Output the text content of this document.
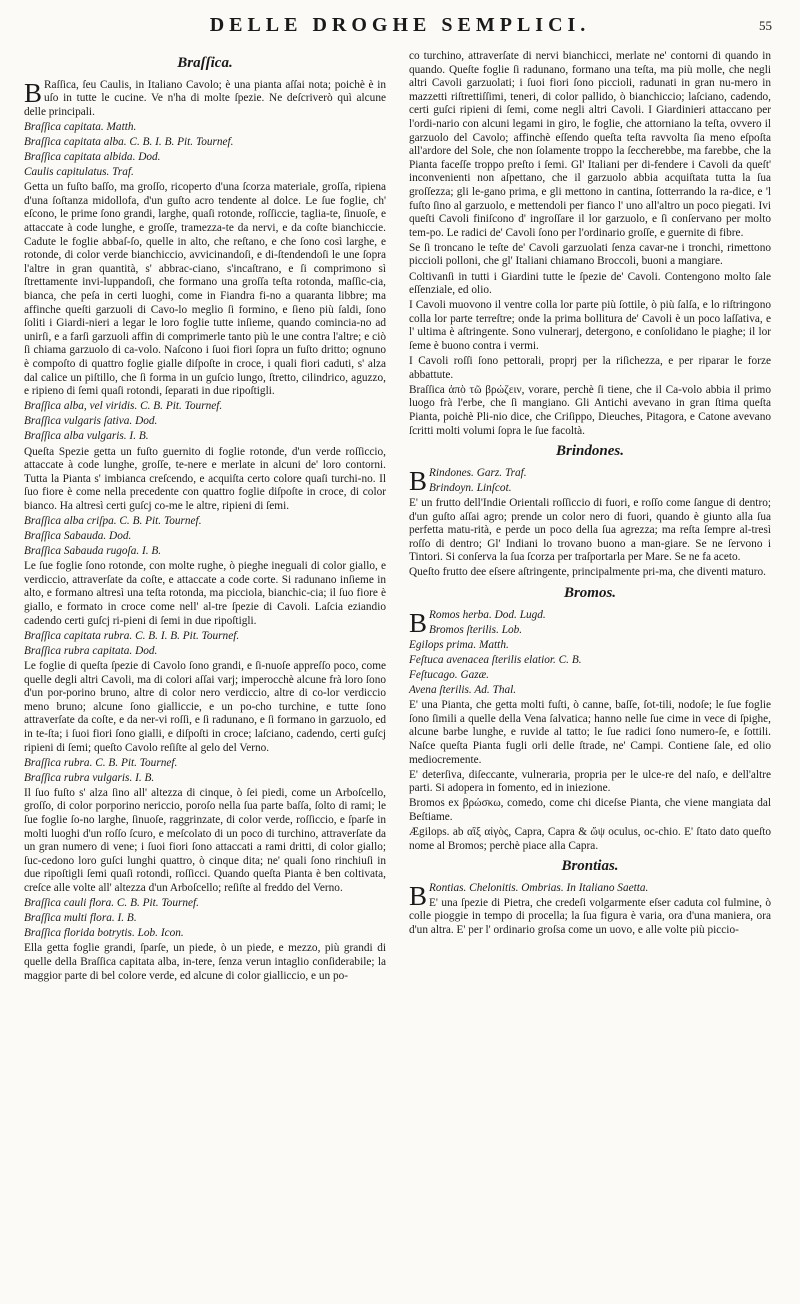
DELLE DROGHE SEMPLICI.	55
Braſſica.

B Raſſica, ſeu Caulis, in Italiano Cavolo; è una pianta aſſai nota; poichè è in uſo in tutte le cucine. Ve n'ha di molte ſpezie. Ne deſcriverò quì alcune delle principali.

Braſſica capitata. Matth.

Braſſica capitata alba. C. B. I. B. Pit. Tournef.

Braſſica capitata albida. Dod.

Caulis capitulatus. Traf.

Getta un fuſto baſſo, ma groſſo, ricoperto d'una ſcorza materiale, groſſa, ripiena d'una ſoſtanza midollofa, d'un guſto acro tendente al dolce. Le ſue foglie, ch' eſcono, le prime ſono grandi, larghe, quaſi rotonde, roſſiccie, taglia-te, ſinuoſe, e attaccate à code lunghe, e groſſe, tramezza-te da nervi, e da coſte bianchiccie. Cadute le foglie abbaſ-ſo, quelle in alto, che reſtano, e che ſono così larghe, e rotonde, di color verde bianchiccio, avvicinandoſi, e di-ſtendendoſi le une ſopra l'altre in gran quantità, s' abbrac-ciano, s'incaſtrano, e ſi comprimono sì ſtrettamente invi-luppandoſi, che formano una groſſa teſta rotonda, maſſic-cia, bianca, che peſa in certi luoghi, come in Fiandra fi-no a quaranta libbre; ma affinche queſti garzuoli di Cavo-lo meglio ſi formino, e ſieno più ſaldi, ſono ſoliti i Giardi-nieri a legar le loro foglie tutte inſieme, quando comincia-no ad unirſi, e a farſi garzuoli affin di comprimerle tanto più le une contra l'altre; e ciò ſi chiama garzuolo di ca-volo. Naſcono i ſuoi fiori ſopra un fuſto dritto; ognuno è compoſto di quattro foglie gialle diſpoſte in croce, i quali fiori caduti, s' alza dal calice un piſtillo, che ſi forma in un guſcio lungo, ſtretto, cilindrico, aguzzo, e ripieno di ſemi quaſi rotondi, ſeparati in due ripoſtigli.

Braſſica alba, vel viridis. C. B. Pit. Tournef.

Braſſica vulgaris ſativa. Dod.

Braſſica alba vulgaris. I. B.

Queſta Spezie getta un fuſto guernito di foglie rotonde, d'un verde roſſiccio, attaccate à code lunghe, groſſe, te-nere e merlate in alcuni de' loro contorni. Tutta la Pianta s' imbianca creſcendo, e acquiſta certo colore quaſi turchi-no. Il ſuo fiore è come nella precedente con quattro foglie diſpoſte in croce, di color bianco. Ha altresì certi guſcj co-me le altre, ripieni di ſemi.

Braſſica alba criſpa. C. B. Pit. Tournef.

Braſſica Sabauda. Dod.

Braſſica Sabauda rugoſa. I. B.

Le ſue foglie ſono rotonde, con molte rughe, ò pieghe ineguali di color giallo, e verdiccio, attraverſate da coſte, e attaccate a code corte. Si radunano inſieme in alto, e formano altresì una teſta rotonda, ma picciola, bianchic-cia; il ſuo fiore è giallo, e formato in croce come nell' al-tre ſpezie di Cavoli. Laſcia eziandio cadendo certi guſcj ri-pieni di ſemi in due ripoſtigli.

Braſſica capitata rubra. C. B. I. B. Pit. Tournef.

Braſſica rubra capitata. Dod.

Le foglie di queſta ſpezie di Cavolo ſono grandi, e ſi-nuoſe appreſſo poco, come quelle degli altri Cavoli, ma di colori aſſai varj; imperocchè alcune frà loro ſono d'un por-porino bruno, altre di color nero verdiccio, altre di co-lor verdiccio meno bruno; alcune ſono gialliccie, e un po-cho turchine, e tutte ſono attraverſate da coſte, e da ner-vi roſſi, e ſi radunano, e ſi formano in garzuolo, ed in te-ſta; i ſuoi fiori ſono gialli, e diſpoſti in croce; laſciano, cadendo, certi guſcj ripieni di ſemi; queſto Cavolo reſiſte al gelo del Verno.

Braſſica rubra. C. B. Pit. Tournef.

Braſſica rubra vulgaris. I. B.

Il ſuo fuſto s' alza ſino all' altezza di cinque, ò ſei piedi, come un Arboſcello, groſſo, di color porporino nericcio, poroſo nella ſua parte baſſa, ſolto di rami; le ſue foglie ſo-no larghe, ſinuoſe, raggrinzate, di color verde, roſſiccio, e ſparſe in molti luoghi d'un roſſo ſcuro, e meſcolato di un poco di turchino, attraverſate da un gran numero di vene; i ſuoi fiori ſono attaccati a rami dritti, di color giallo; ſuc-cedono loro guſci lunghi quattro, ò cinque dita; ne' quali ſono rinchiuſi in due ripoſtigli ſemi quaſi rotondi, roſſicci. Quando queſta Pianta è ben coltivata, creſce alle volte all' altezza d'un Arboſcello; reſiſte al freddo del Verno.

Braſſica cauli flora. C. B. Pit. Tournef.

Braſſica multi flora. I. B.

Braſſica florida botrytis. Lob. Icon.

Ella getta foglie grandi, ſparſe, un piede, ò un piede, e mezzo, più grandi di quelle della Braſſica capitata alba, in-tere, ſenza verun intaglio conſiderabile; la maggior parte di bel colore verde, ed alcune di color gialliccio, e un po-

co turchino, attraverſate di nervi bianchicci, merlate ne' contorni di quando in quando. Queſte foglie ſi radunano, formano una teſta, ma più molle, che negli altri Cavoli garzuolati; i ſuoi fiori ſono piccioli, radunati in gran nu-mero in mazzetti riſtrettiſſimi, teneri, di color pallido, ò bianchiccio; laſciano, cadendo, certi guſci ripieni di ſemi, come negli altri Cavoli. I Giardinieri attaccano per l'ordi-nario con alcuni legami in giro, le foglie, che attorniano la teſta, ovvero il garzuolo del Cavolo; affinchè eſſendo queſta teſta ravvolta ſia meno eſpoſta all'ardore del Sole, che non ſolamente troppo la ſeccherebbe, ma farebbe, che la Pianta faceſſe troppo preſto i ſemi. Gl' Italiani per di-fendere i Cavoli da queſt' inconvenienti non aſpettano, che il garzuolo abbia acquiſtata tutta la ſua groſſezza; gli le-gano prima, e gli mettono in cantina, ſotterrando la ra-dice, e 'l fuſto ſino al garzuolo, e mettendoli per fianco l' uno all'altro un poco piegati. Ivi queſti Cavoli finiſcono d' ingroſſare il lor garzuolo, e ſi conſervano per molto tem-po. Le radici de' Cavoli ſono per l'ordinario groſſe, e guernite di fibre.

Se ſi troncano le teſte de' Cavoli garzuolati ſenza cavar-ne i tronchi, rimettono piccioli polloni, che gl' Italiani chiamano Broccoli, buoni a mangiare.

Coltivanſi in tutti i Giardini tutte le ſpezie de' Cavoli. Contengono molto ſale eſſenziale, ed olio.

I Cavoli muovono il ventre colla lor parte più ſottile, ò più ſalſa, e lo riſtringono colla lor parte terreſtre; onde la prima bollitura de' Cavoli è un poco laſſativa, e l' ultima è aſtringente. Sono vulnerarj, detergono, e conſolidano le piaghe; il lor ſeme è buono contra i vermi.

I Cavoli roſſi ſono pettorali, proprj per la riſichezza, e per riparar le forze abbattute.

Braſſica ἀπὸ τῶ βρώζειν, vorare, perchè ſi tiene, che il Ca-volo abbia il primo luogo frà l'erbe, che ſi mangiano. Gli Antichi avevano in gran ſtima queſta Pianta, poichè Pli-nio dice, che Criſippo, Dieuches, Pitagora, e Catone avevano ſcritti molti volumi ſopra le ſue facoltà.

Brindones.

B Rindones. Garz. Traf.

Brindoyn. Linſcot.

E' un frutto dell'Indie Orientali roſſiccio di fuori, e roſſo come ſangue di dentro; d'un guſto aſſai agro; prende un color nero di fuori, quando è giunto alla ſua perfetta matu-rità, e perde un poco della ſua agrezza; ma reſta ſempre al-tresì roſſo di dentro; Gl' Indiani lo trovano buono a man-giare. Se ne ſervono i Tintori. Si conſerva la ſua ſcorza per traſportarla per Mare. Se ne fa aceto.

Queſto frutto dee eſsere aſtringente, principalmente pri-ma, che diventi maturo.

Bromos.

B Romos herba. Dod. Lugd.

Bromos ſterilis. Lob.

Egilops prima. Matth.

Feſtuca avenacea ſterilis elatior. C. B.

Feſtucago. Gazæ.

Avena ſterilis. Ad. Thal.

E' una Pianta, che getta molti fuſti, ò canne, baſſe, ſot-tili, nodoſe; le ſue foglie ſono ſimili a quelle della Vena ſalvatica; hanno nelle ſue cime in vece di ſpighe, alcune barbe lunghe, e ruvide al tatto; le ſue radici ſono numero-ſe, e ſottili. Naſce queſta Pianta fugli orli delle ſtrade, ne' Campi. Contiene ſale, ed olio mediocremente.

E' deterſiva, diſeccante, vulneraria, propria per le ulce-re del naſo, e dell'altre parti. Si adopera in fomento, ed in iniezione.

Bromos ex βρώσκω, comedo, come chi diceſse Pianta, che viene mangiata dal Beſtiame.

Ægilops. ab αἲξ αἰγὸς, Capra, Capra & ὤψ oculus, oc-chio. E' ſtato dato queſto nome al Bromos; perchè piace alla Capra.

Brontias.

B Rontias. Chelonitis. Ombrias. In Italiano Saetta.

E' una ſpezie di Pietra, che credeſi volgarmente eſser caduta col fulmine, ò colle pioggie in tempo di procella; la ſua figura è varia, ora d'una maniera, ora d'un altra. E' per l' ordinario groſsa come un uovo, e alle volte più piccio-
